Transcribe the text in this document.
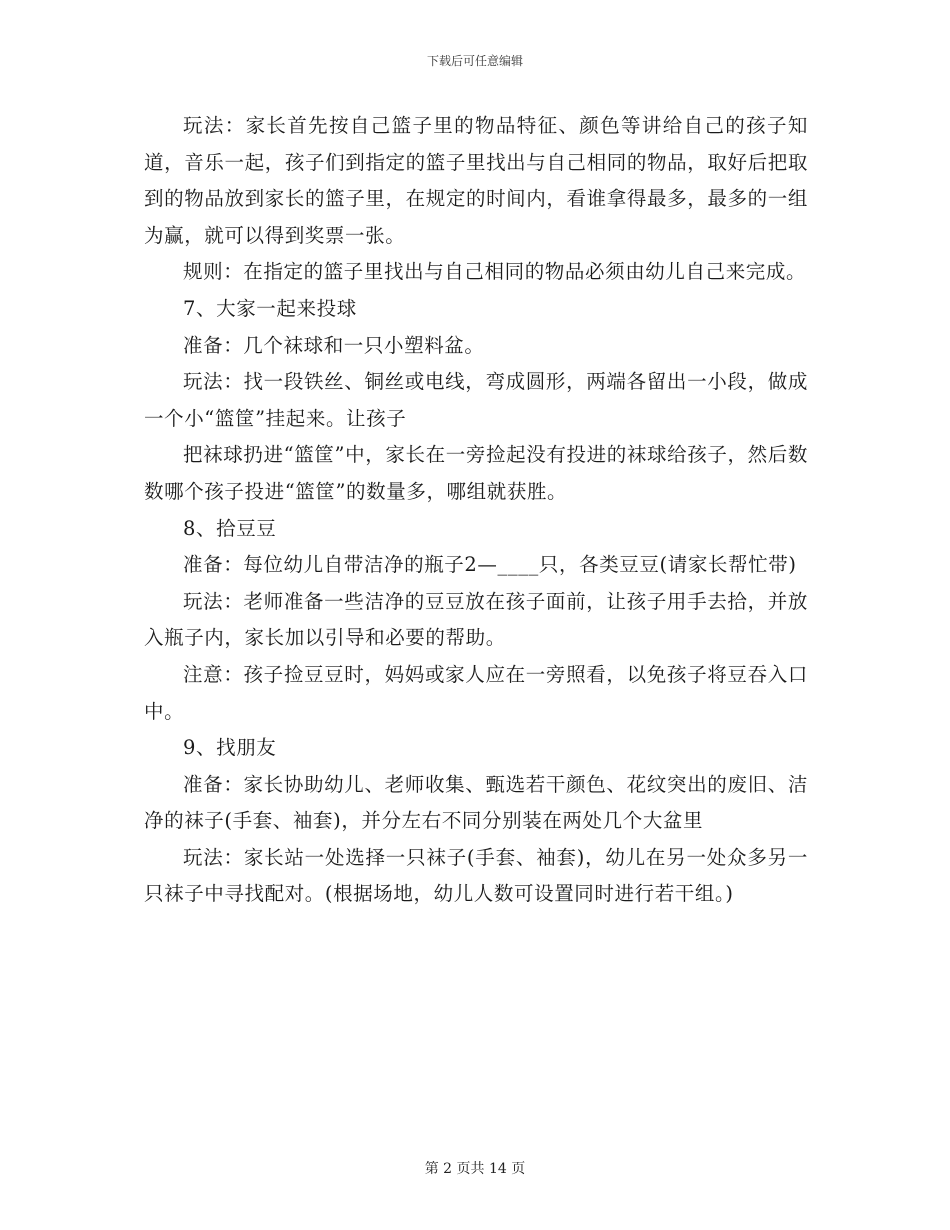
下载后可任意编辑

玩法：家长首先按自己篮子里的物品特征、颜色等讲给自己的孩子知道，音乐一起，孩子们到指定的篮子里找出与自己相同的物品，取好后把取到的物品放到家长的篮子里，在规定的时间内，看谁拿得最多，最多的一组为赢，就可以得到奖票一张。

规则：在指定的篮子里找出与自己相同的物品必须由幼儿自己来完成。

7、大家一起来投球

准备：几个袜球和一只小塑料盆。

玩法：找一段铁丝、铜丝或电线，弯成圆形，两端各留出一小段，做成一个小“篮筐”挂起来。让孩子

把袜球扔进“篮筐”中，家长在一旁捡起没有投进的袜球给孩子，然后数数哪个孩子投进“篮筐”的数量多，哪组就获胜。

8、拾豆豆

准备：每位幼儿自带洁净的瓶子2—____只，各类豆豆(请家长帮忙带)

玩法：老师准备一些洁净的豆豆放在孩子面前，让孩子用手去拾，并放入瓶子内，家长加以引导和必要的帮助。

注意：孩子捡豆豆时，妈妈或家人应在一旁照看，以免孩子将豆吞入口中。

9、找朋友

准备：家长协助幼儿、老师收集、甄选若干颜色、花纹突出的废旧、洁净的袜子(手套、袖套)，并分左右不同分别装在两处几个大盆里

玩法：家长站一处选择一只袜子(手套、袖套)，幼儿在另一处众多另一只袜子中寻找配对。(根据场地，幼儿人数可设置同时进行若干组。)

第 2 页共 14 页
